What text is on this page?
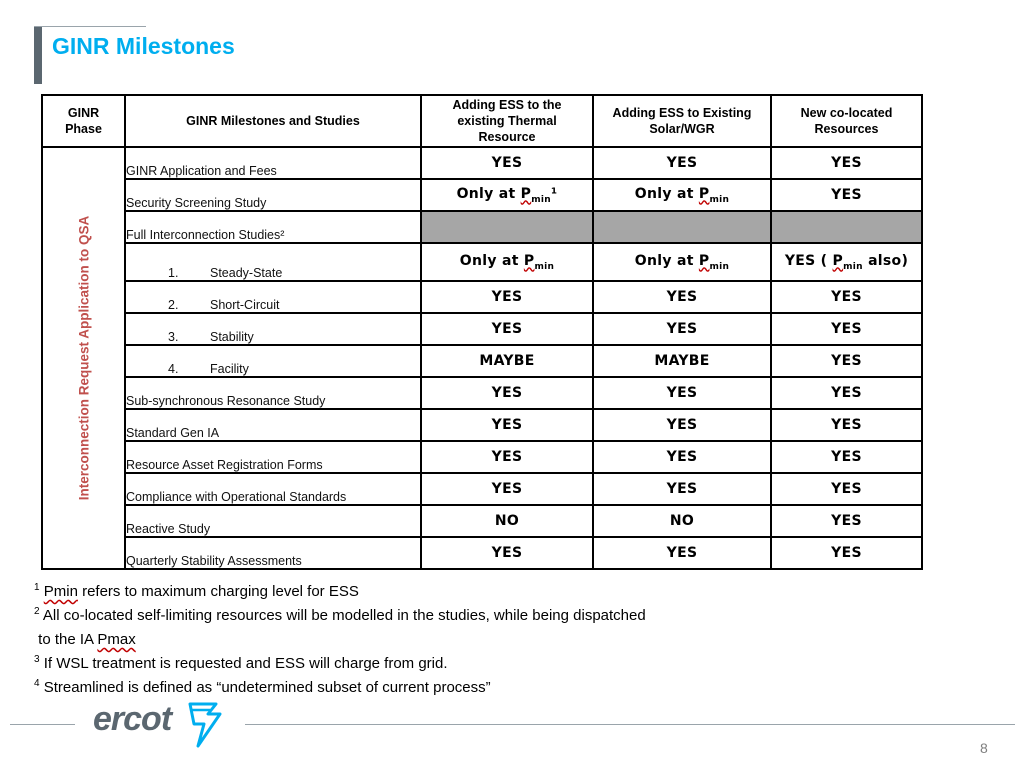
GINR Milestones
GINR Phase	GINR Milestones and Studies	Adding ESS to the existing Thermal Resource	Adding ESS to Existing Solar/WGR	New co-located Resources

Interconnection Request Application to QSA	GINR Application and Fees	YES	YES	YES
	Security Screening Study	Only at $P_{min}^1$	Only at $P_{min}$	YES
	Full Interconnection Studies²			
	1. Steady-State	Only at $P_{min}$	Only at $P_{min}$	YES ( $P_{min}$ also)
	2. Short-Circuit	YES	YES	YES
	3. Stability	YES	YES	YES
	4. Facility	MAYBE	MAYBE	YES
	Sub-synchronous Resonance Study	YES	YES	YES
	Standard Gen IA	YES	YES	YES
	Resource Asset Registration Forms	YES	YES	YES
	Compliance with Operational Standards	YES	YES	YES
	Reactive Study	NO	NO	YES
	Quarterly Stability Assessments	YES	YES	YES
$^1$ Pmin refers to maximum charging level for ESS
$^2$ All co-located self-limiting resources will be modelled in the studies, while being dispatched
to the IA Pmax
$^3$ If WSL treatment is requested and ESS will charge from grid.
$^4$ Streamlined is defined as “undetermined subset of current process”
ercot
8
